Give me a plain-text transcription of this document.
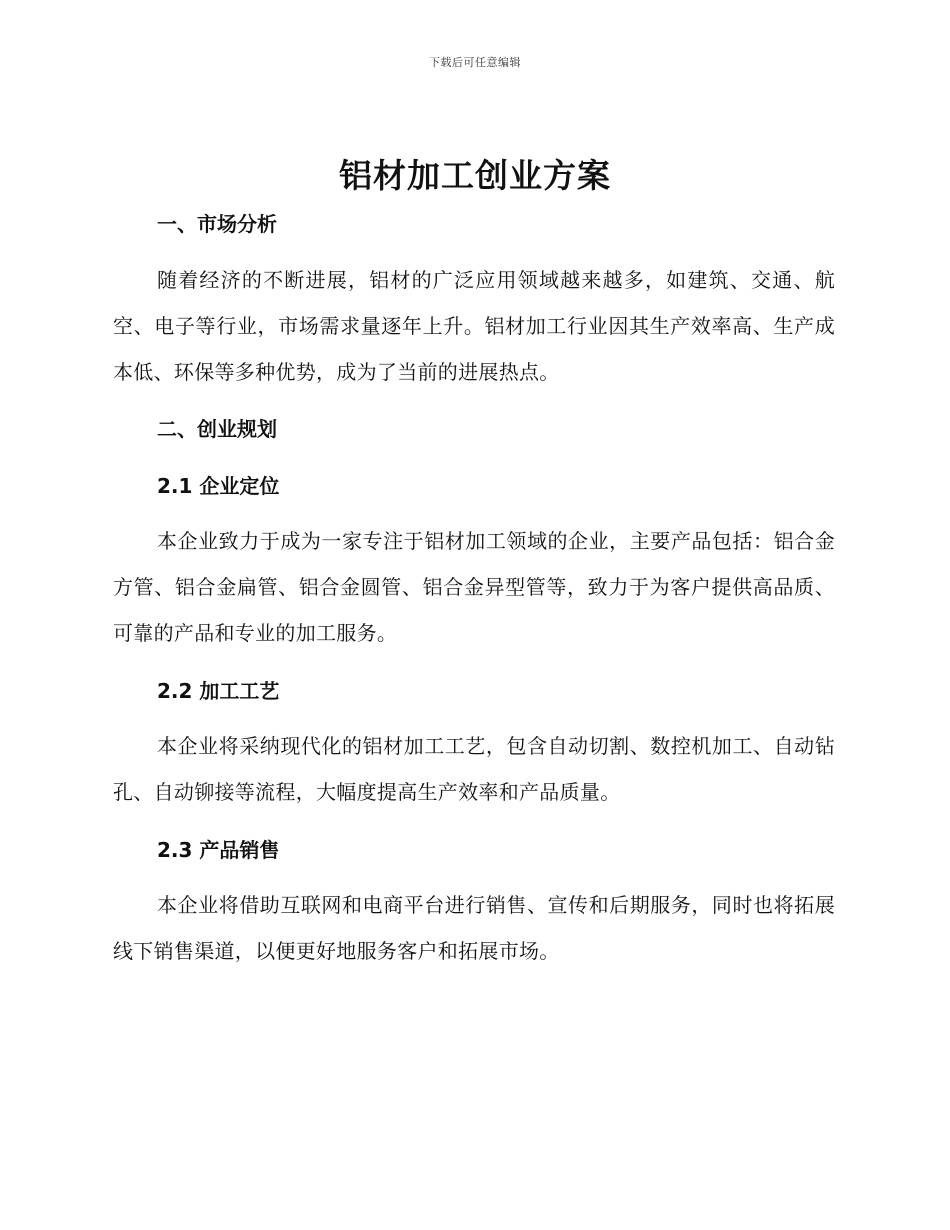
下载后可任意编辑
铝材加工创业方案
一、市场分析
随着经济的不断进展，铝材的广泛应用领域越来越多，如建筑、交通、航空、电子等行业，市场需求量逐年上升。铝材加工行业因其生产效率高、生产成本低、环保等多种优势，成为了当前的进展热点。
二、创业规划
2.1 企业定位
本企业致力于成为一家专注于铝材加工领域的企业，主要产品包括：铝合金方管、铝合金扁管、铝合金圆管、铝合金异型管等，致力于为客户提供高品质、可靠的产品和专业的加工服务。
2.2 加工工艺
本企业将采纳现代化的铝材加工工艺，包含自动切割、数控机加工、自动钻孔、自动铆接等流程，大幅度提高生产效率和产品质量。
2.3 产品销售
本企业将借助互联网和电商平台进行销售、宣传和后期服务，同时也将拓展线下销售渠道，以便更好地服务客户和拓展市场。
